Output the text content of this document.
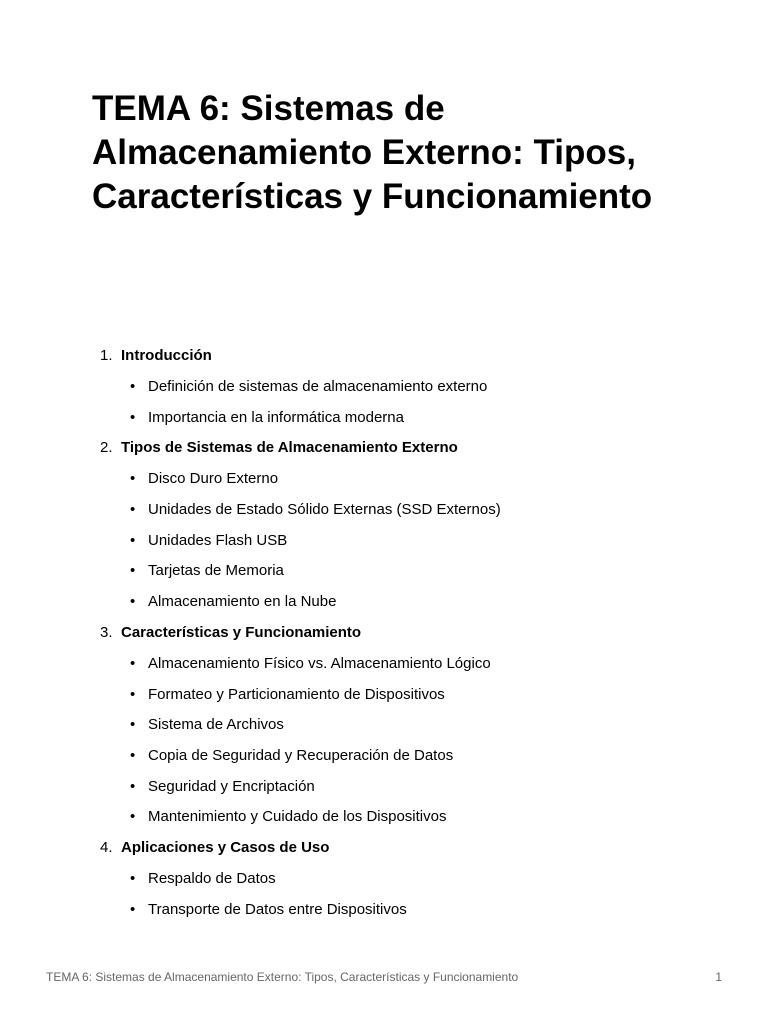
TEMA 6: Sistemas de Almacenamiento Externo: Tipos, Características y Funcionamiento
1. Introducción
• Definición de sistemas de almacenamiento externo
• Importancia en la informática moderna
2. Tipos de Sistemas de Almacenamiento Externo
• Disco Duro Externo
• Unidades de Estado Sólido Externas (SSD Externos)
• Unidades Flash USB
• Tarjetas de Memoria
• Almacenamiento en la Nube
3. Características y Funcionamiento
• Almacenamiento Físico vs. Almacenamiento Lógico
• Formateo y Particionamiento de Dispositivos
• Sistema de Archivos
• Copia de Seguridad y Recuperación de Datos
• Seguridad y Encriptación
• Mantenimiento y Cuidado de los Dispositivos
4. Aplicaciones y Casos de Uso
• Respaldo de Datos
• Transporte de Datos entre Dispositivos
TEMA 6: Sistemas de Almacenamiento Externo: Tipos, Características y Funcionamiento	1
